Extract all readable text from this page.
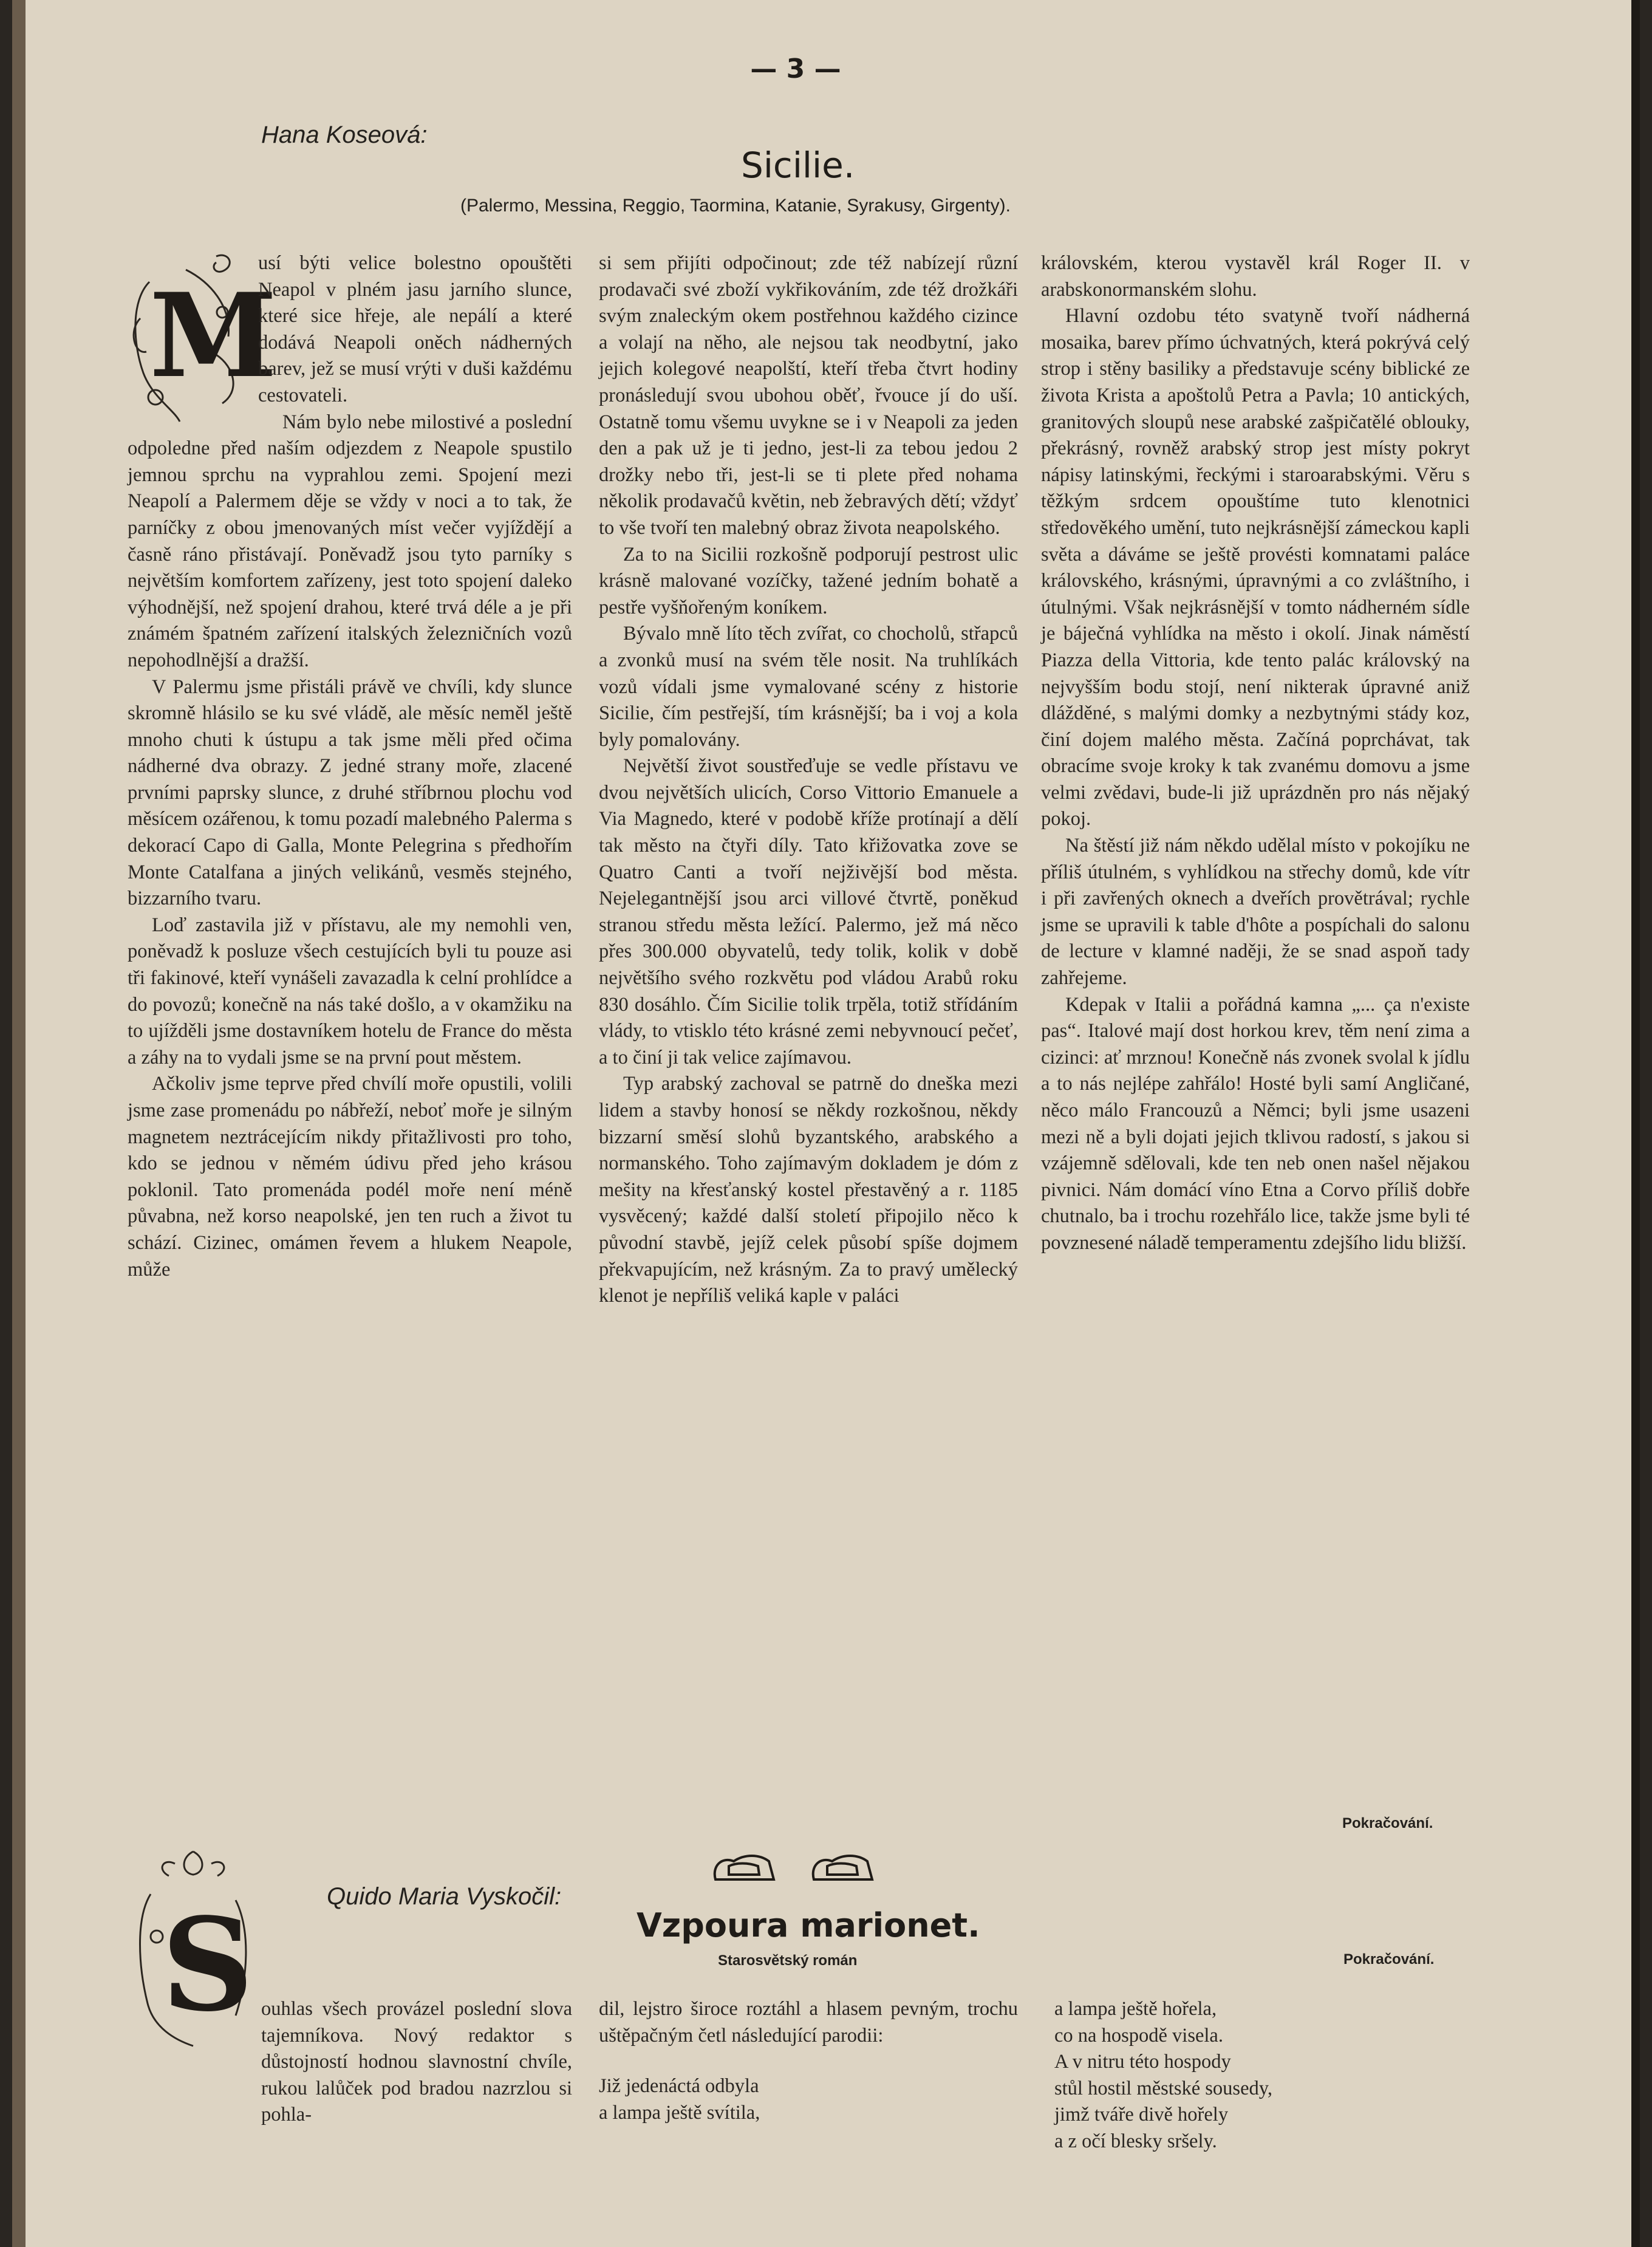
— 3 —
Hana Koseová:
Sicilie.
(Palermo, Messina, Reggio, Taormina, Katanie, Syrakusy, Girgenty).
M

usí býti velice bolestno opouštěti Neapol v plném jasu jarního slunce, které sice hřeje, ale nepálí a které dodává Neapoli oněch nádherných barev, jež se musí vrýti v duši každému cestovateli.

Nám bylo nebe milostivé a poslední odpoledne před naším odjezdem z Neapole spustilo jemnou sprchu na vyprahlou zemi. Spojení mezi Neapolí a Palermem děje se vždy v noci a to tak, že parníčky z obou jmenovaných míst večer vyjíždějí a časně ráno přistávají. Poněvadž jsou tyto parníky s největším komfortem zařízeny, jest toto spojení daleko výhodnější, než spojení drahou, které trvá déle a je při známém špatném zařízení italských železničních vozů nepohodlnější a dražší.

V Palermu jsme přistáli právě ve chvíli, kdy slunce skromně hlásilo se ku své vládě, ale měsíc neměl ještě mnoho chuti k ústupu a tak jsme měli před očima nádherné dva obrazy. Z jedné strany moře, zlacené prvními paprsky slunce, z druhé stříbrnou plochu vod měsícem ozářenou, k tomu pozadí malebného Palerma s dekorací Capo di Galla, Monte Pelegrina s předhořím Monte Catalfana a jiných velikánů, vesměs stejného, bizzarního tvaru.

Loď zastavila již v přístavu, ale my nemohli ven, poněvadž k posluze všech cestujících byli tu pouze asi tři fakinové, kteří vynášeli zavazadla k celní prohlídce a do povozů; konečně na nás také došlo, a v okamžiku na to ujížděli jsme dostavníkem hotelu de France do města a záhy na to vydali jsme se na první pout městem.

Ačkoliv jsme teprve před chvílí moře opustili, volili jsme zase promenádu po nábřeží, neboť moře je silným magnetem neztrácejícím nikdy přitažlivosti pro toho, kdo se jednou v němém údivu před jeho krásou poklonil. Tato promenáda podél moře není méně půvabna, než korso neapolské, jen ten ruch a život tu schází. Cizinec, omámen řevem a hlukem Neapole, může

si sem přijíti odpočinout; zde též nabízejí různí prodavači své zboží vykřikováním, zde též drožkáři svým znaleckým okem postřehnou každého cizince a volají na něho, ale nejsou tak neodbytní, jako jejich kolegové neapolští, kteří třeba čtvrt hodiny pronásledují svou ubohou oběť, řvouce jí do uší. Ostatně tomu všemu uvykne se i v Neapoli za jeden den a pak už je ti jedno, jest-li za tebou jedou 2 drožky nebo tři, jest-li se ti plete před nohama několik prodavačů květin, neb žebravých dětí; vždyť to vše tvoří ten malebný obraz života neapolského.

Za to na Sicilii rozkošně podporují pestrost ulic krásně malované vozíčky, tažené jedním bohatě a pestře vyšňořeným koníkem.

Bývalo mně líto těch zvířat, co chocholů, střapců a zvonků musí na svém těle nosit. Na truhlíkách vozů vídali jsme vymalované scény z historie Sicilie, čím pestřejší, tím krásnější; ba i voj a kola byly pomalovány.

Největší život soustřeďuje se vedle přístavu ve dvou největších ulicích, Corso Vittorio Emanuele a Via Magnedo, které v podobě kříže protínají a dělí tak město na čtyři díly. Tato křižovatka zove se Quatro Canti a tvoří nejživější bod města. Nejelegantnější jsou arci villové čtvrtě, poněkud stranou středu města ležící. Palermo, jež má něco přes 300.000 obyvatelů, tedy tolik, kolik v době největšího svého rozkvětu pod vládou Arabů roku 830 dosáhlo. Čím Sicilie tolik trpěla, totiž střídáním vlády, to vtisklo této krásné zemi nebyvnoucí pečeť, a to činí ji tak velice zajímavou.

Typ arabský zachoval se patrně do dneška mezi lidem a stavby honosí se někdy rozkošnou, někdy bizzarní směsí slohů byzantského, arabského a normanského. Toho zajímavým dokladem je dóm z mešity na křesťanský kostel přestavěný a r. 1185 vysvěcený; každé další století připojilo něco k původní stavbě, jejíž celek působí spíše dojmem překvapujícím, než krásným. Za to pravý umělecký klenot je nepříliš veliká kaple v paláci

královském, kterou vystavěl král Roger II. v arabskonormanském slohu.

Hlavní ozdobu této svatyně tvoří nádherná mosaika, barev přímo úchvatných, která pokrývá celý strop i stěny basiliky a představuje scény biblické ze života Krista a apoštolů Petra a Pavla; 10 antických, granitových sloupů nese arabské zašpičatělé oblouky, překrásný, rovněž arabský strop jest místy pokryt nápisy latinskými, řeckými i staroarabskými. Věru s těžkým srdcem opouštíme tuto klenotnici středověkého umění, tuto nejkrásnější zámeckou kapli světa a dáváme se ještě provésti komnatami paláce královského, krásnými, úpravnými a co zvláštního, i útulnými. Však nejkrásnější v tomto nádherném sídle je báječná vyhlídka na město i okolí. Jinak náměstí Piazza della Vittoria, kde tento palác královský na nejvyšším bodu stojí, není nikterak úpravné aniž dlážděné, s malými domky a nezbytnými stády koz, činí dojem malého města. Začíná poprchávat, tak obracíme svoje kroky k tak zvanému domovu a jsme velmi zvědavi, bude-li již uprázdněn pro nás nějaký pokoj.

Na štěstí již nám někdo udělal místo v pokojíku ne příliš útulném, s vyhlídkou na střechy domů, kde vítr i při zavřených oknech a dveřích provětrával; rychle jsme se upravili k table d'hôte a pospíchali do salonu de lecture v klamné naději, že se snad aspoň tady zahřejeme.

Kdepak v Italii a pořádná kamna „... ça n'existe pas“. Italové mají dost horkou krev, těm není zima a cizinci: ať mrznou! Konečně nás zvonek svolal k jídlu a to nás nejlépe zahřálo! Hosté byli samí Angličané, něco málo Francouzů a Němci; byli jsme usazeni mezi ně a byli dojati jejich tklivou radostí, s jakou si vzájemně sdělovali, kde ten neb onen našel nějakou pivnici. Nám domácí víno Etna a Corvo příliš dobře chutnalo, ba i trochu rozehřálo lice, takže jsme byli té povznesené náladě temperamentu zdejšího lidu bližší.

Pokračování.
Quido Maria Vyskočil:
Vzpoura marionet.
Starosvětský román	Pokračování.
S ouhlas všech provázel poslední slova tajemníkova. Nový redaktor s důstojností hodnou slavnostní chvíle, rukou lalůček pod bradou nazrzlou si pohla-

dil, lejstro široce roztáhl a hlasem pevným, trochu uštěpačným četl následující parodii:

Již jedenáctá odbyla

a lampa ještě svítila,

a lampa ještě hořela,

co na hospodě visela.

A v nitru této hospody

stůl hostil městské sousedy,

jimž tváře divě hořely

a z očí blesky sršely.
